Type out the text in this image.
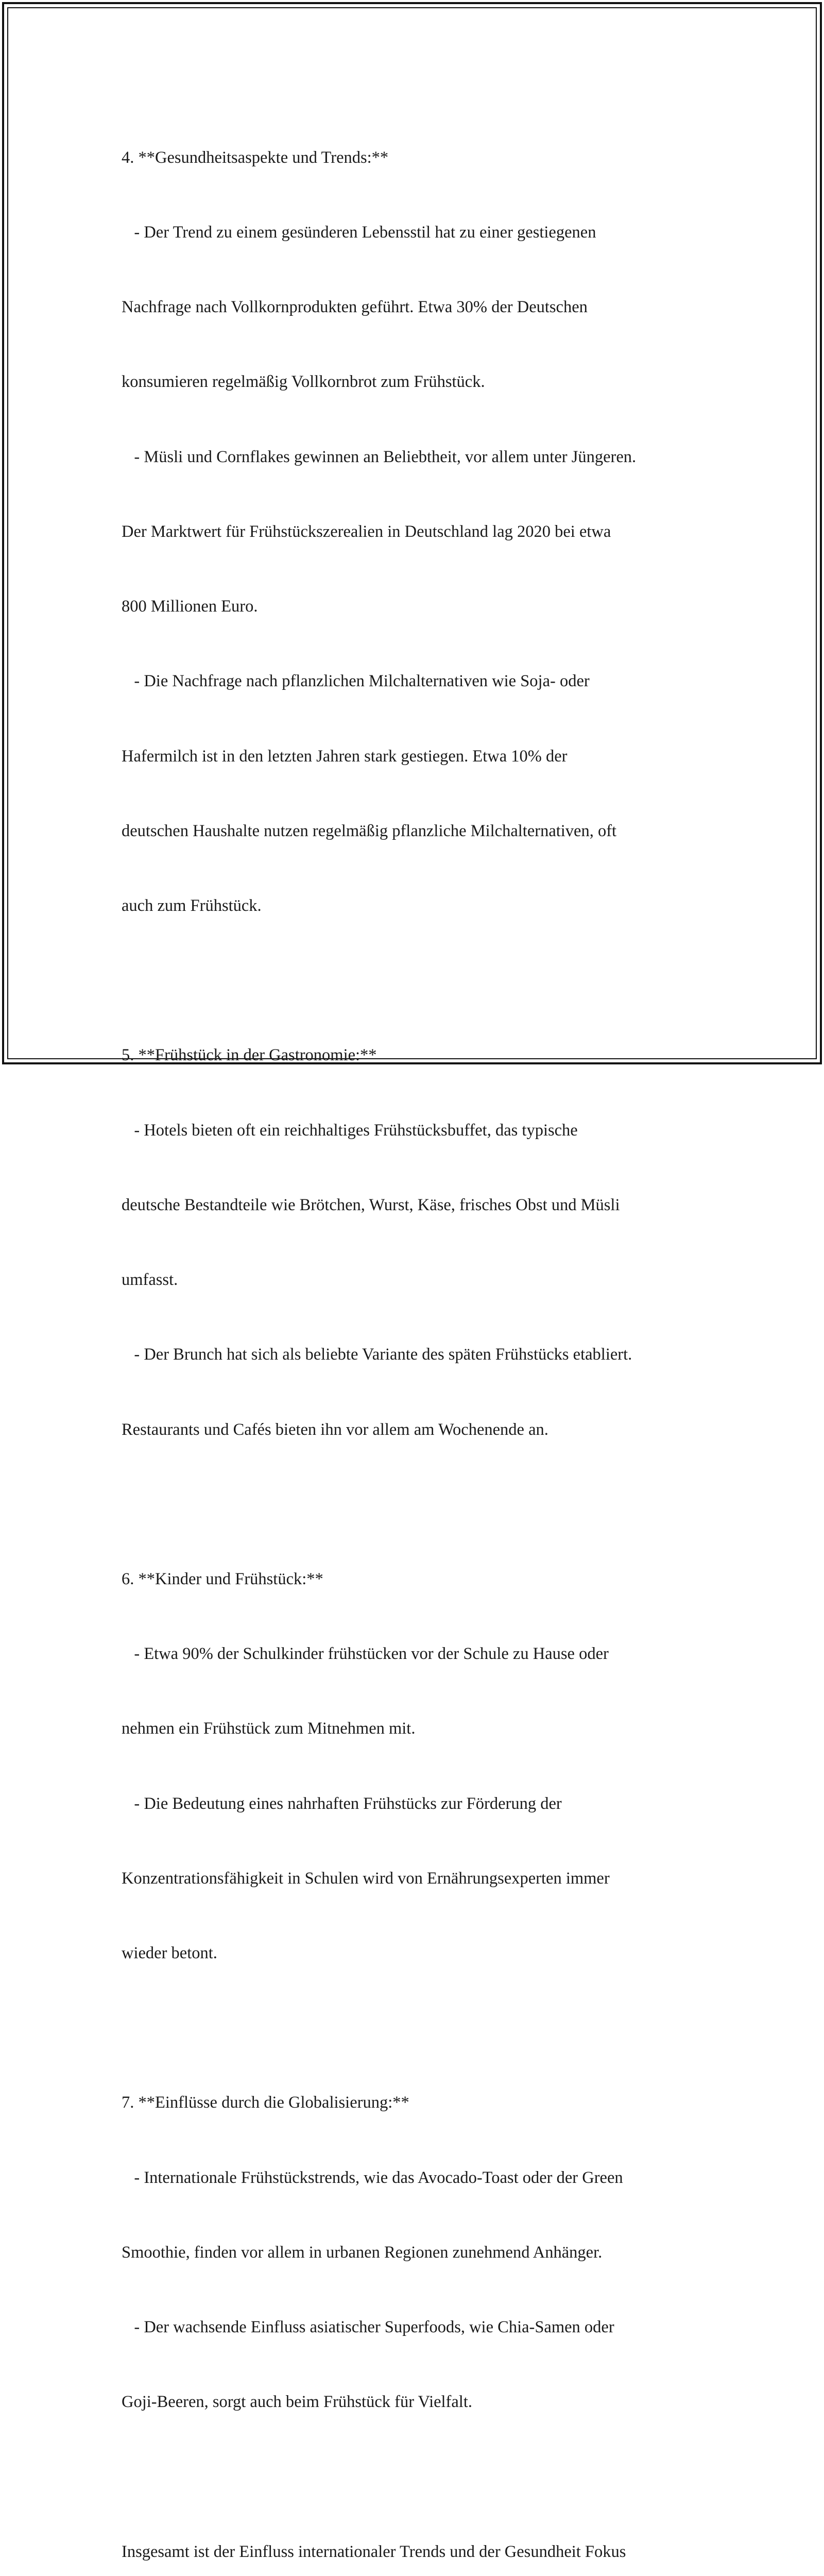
4. **Gesundheitsaspekte und Trends:**

- Der Trend zu einem gesünderen Lebensstil hat zu einer gestiegenen

Nachfrage nach Vollkornprodukten geführt. Etwa 30% der Deutschen

konsumieren regelmäßig Vollkornbrot zum Frühstück.

- Müsli und Cornflakes gewinnen an Beliebtheit, vor allem unter Jüngeren.

Der Marktwert für Frühstückszerealien in Deutschland lag 2020 bei etwa

800 Millionen Euro.

- Die Nachfrage nach pflanzlichen Milchalternativen wie Soja- oder

Hafermilch ist in den letzten Jahren stark gestiegen. Etwa 10% der

deutschen Haushalte nutzen regelmäßig pflanzliche Milchalternativen, oft

auch zum Frühstück.

5. **Frühstück in der Gastronomie:**

- Hotels bieten oft ein reichhaltiges Frühstücksbuffet, das typische

deutsche Bestandteile wie Brötchen, Wurst, Käse, frisches Obst und Müsli

umfasst.

- Der Brunch hat sich als beliebte Variante des späten Frühstücks etabliert.

Restaurants und Cafés bieten ihn vor allem am Wochenende an.

6. **Kinder und Frühstück:**

- Etwa 90% der Schulkinder frühstücken vor der Schule zu Hause oder

nehmen ein Frühstück zum Mitnehmen mit.

- Die Bedeutung eines nahrhaften Frühstücks zur Förderung der

Konzentrationsfähigkeit in Schulen wird von Ernährungsexperten immer

wieder betont.

7. **Einflüsse durch die Globalisierung:**

- Internationale Frühstückstrends, wie das Avocado-Toast oder der Green

Smoothie, finden vor allem in urbanen Regionen zunehmend Anhänger.

- Der wachsende Einfluss asiatischer Superfoods, wie Chia-Samen oder

Goji-Beeren, sorgt auch beim Frühstück für Vielfalt.

Insgesamt ist der Einfluss internationaler Trends und der Gesundheit Fokus
